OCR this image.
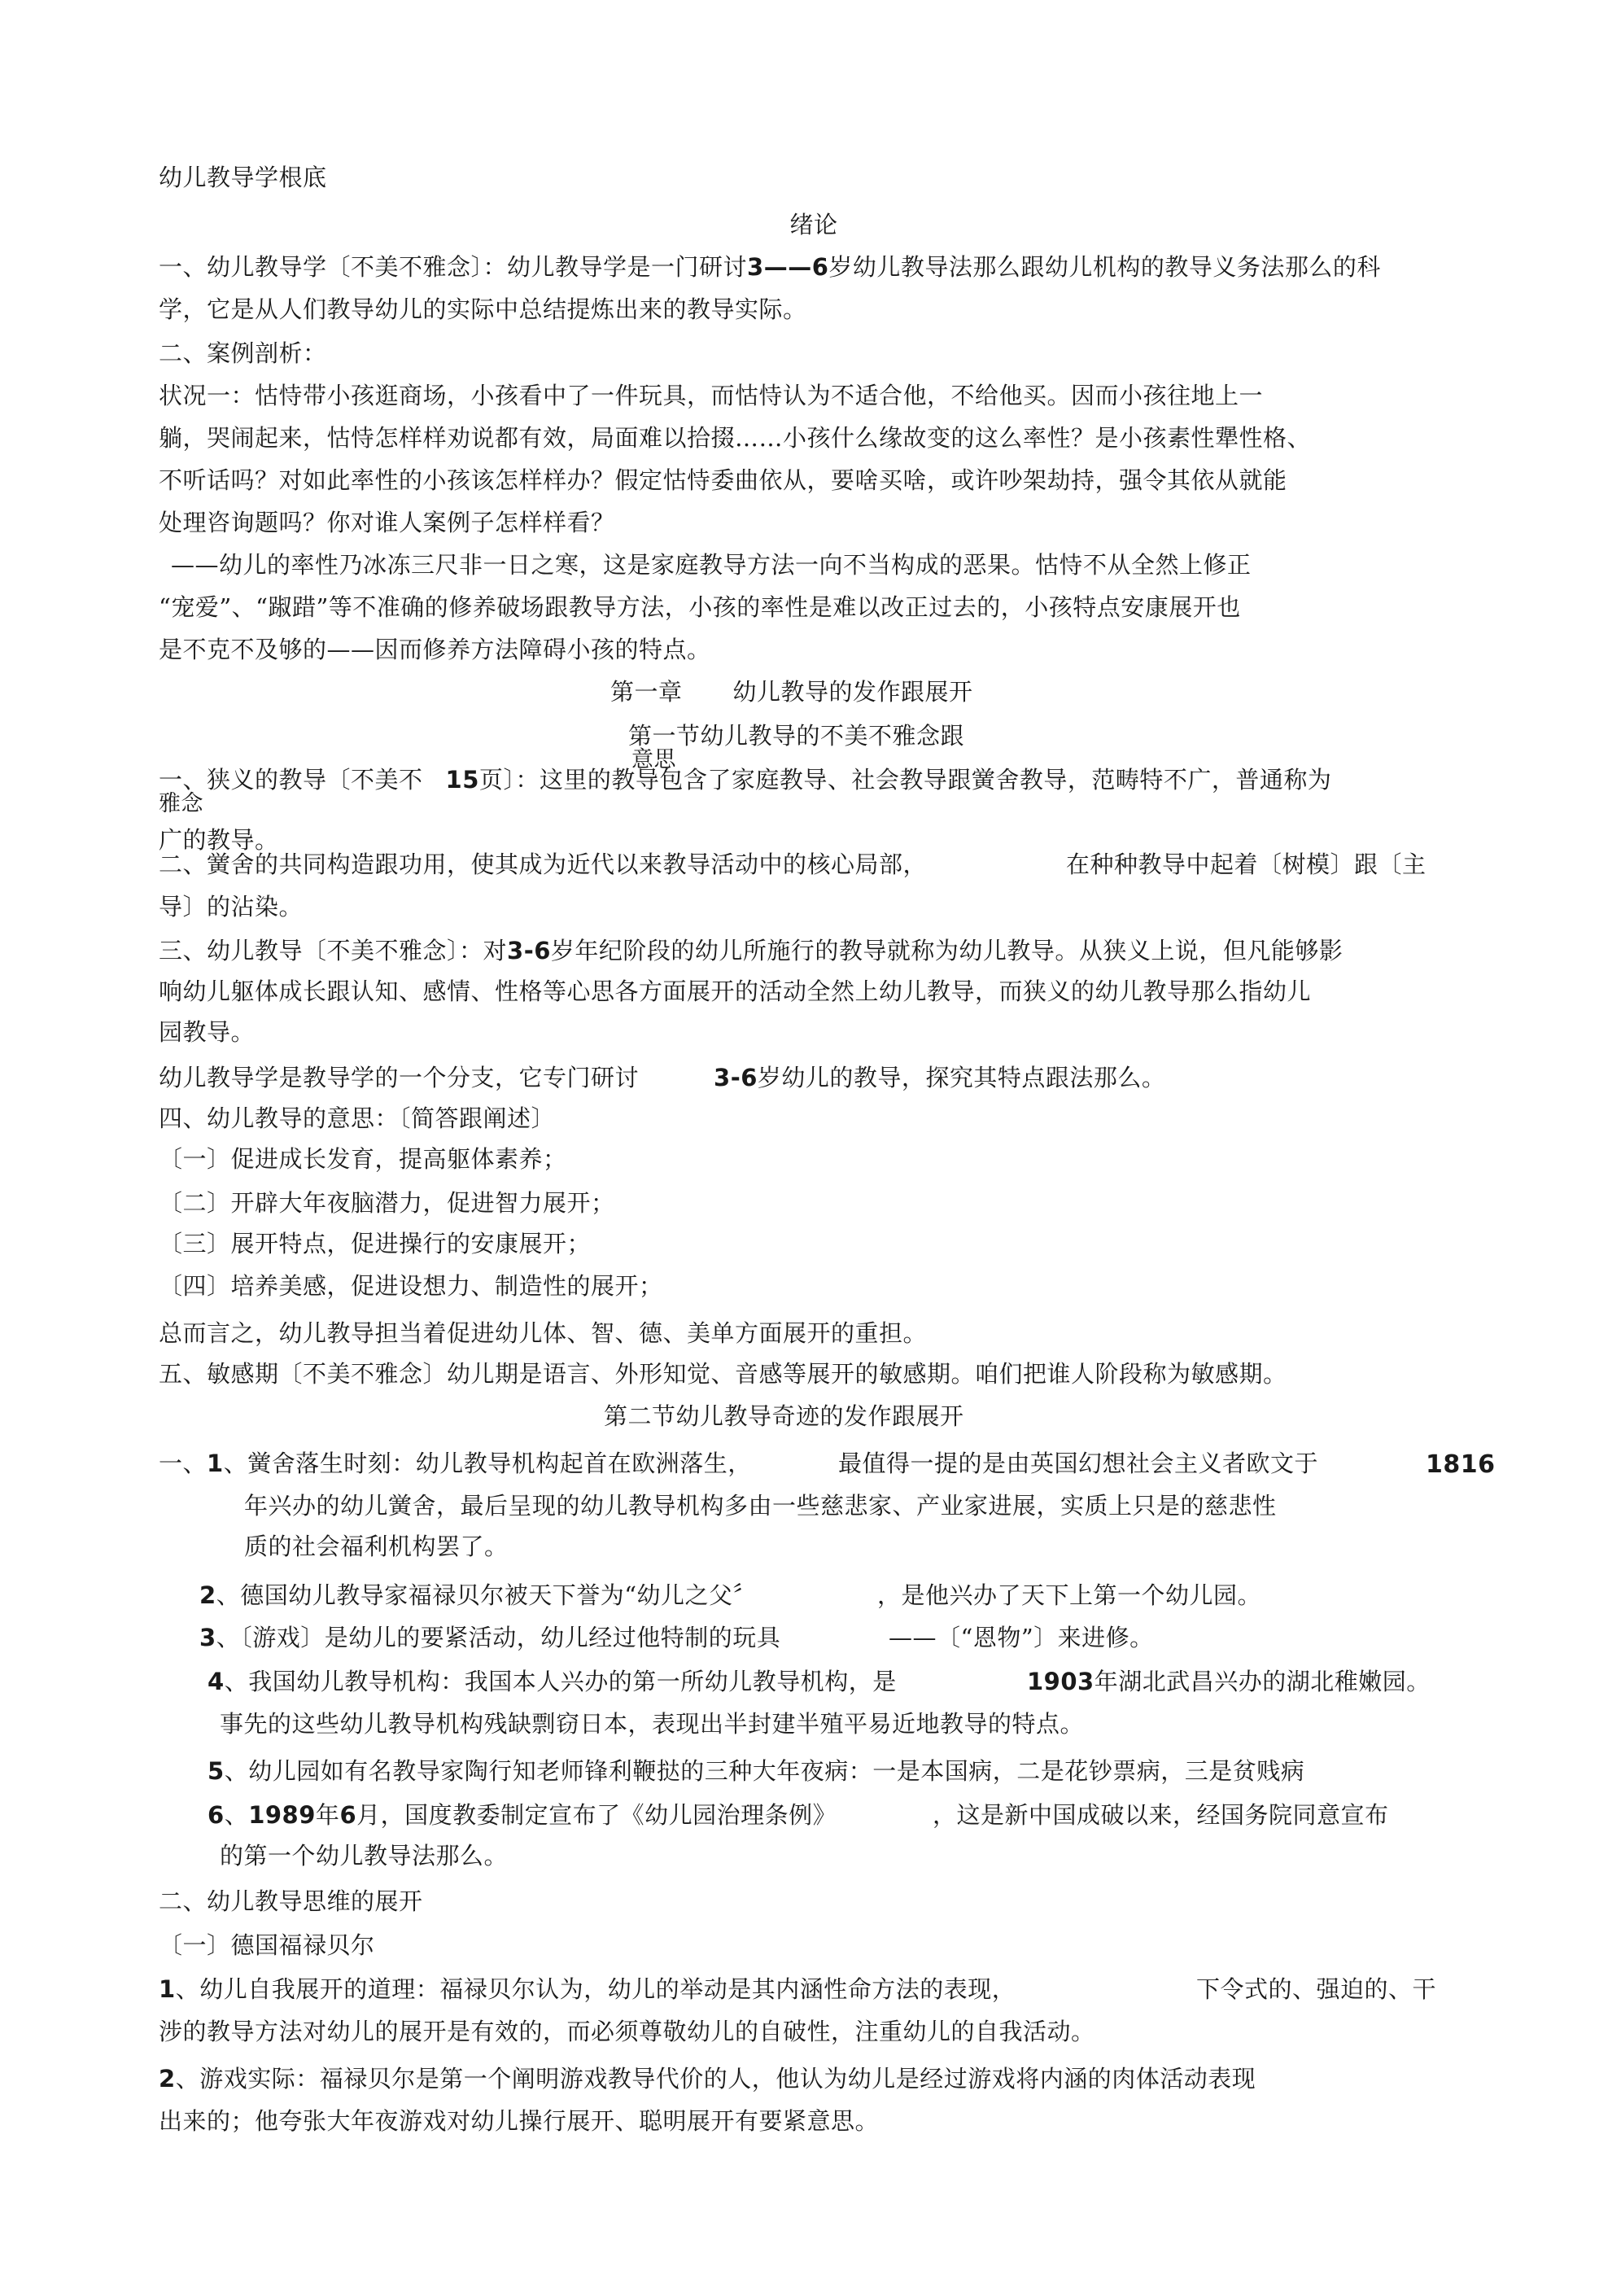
幼儿教导学根底
绪论
一、幼儿教导学〔不美不雅念〕：幼儿教导学是一门研讨3——6岁幼儿教导法那么跟幼儿机构的教导义务法那么的科
学，它是从人们教导幼儿的实际中总结提炼出来的教导实际。
二、案例剖析：
状况一：怙恃带小孩逛商场，小孩看中了一件玩具，而怙恃认为不适合他，不给他买。因而小孩往地上一
躺，哭闹起来，怙恃怎样样劝说都有效，局面难以拾掇……小孩什么缘故变的这么率性？是小孩素性犟性格、
不听话吗？对如此率性的小孩该怎样样办？假定怙恃委曲依从，要啥买啥，或许吵架劫持，强令其依从就能
处理咨询题吗？你对谁人案例子怎样样看？
——幼儿的率性乃冰冻三尺非一日之寒，这是家庭教导方法一向不当构成的恶果。怙恃不从全然上修正
“宠爱”、“踧踖”等不准确的修养破场跟教导方法，小孩的率性是难以改正过去的，小孩特点安康展开也
是不克不及够的——因而修养方法障碍小孩的特点。
第一章 幼儿教导的发作跟展开
第一节幼儿教导的不美不雅念跟
意思
一、狭义的教导〔不美不 15页〕：这里的教导包含了家庭教导、社会教导跟黉舍教导，范畴特不广，普通称为
雅念
广的教导。
二、黉舍的共同构造跟功用，使其成为近代以来教导活动中的核心局部，	在种种教导中起着〔树模〕跟〔主
导〕的沾染。
三、幼儿教导〔不美不雅念〕：对3-6岁年纪阶段的幼儿所施行的教导就称为幼儿教导。从狭义上说，但凡能够影
响幼儿躯体成长跟认知、感情、性格等心思各方面展开的活动全然上幼儿教导，而狭义的幼儿教导那么指幼儿
园教导。
幼儿教导学是教导学的一个分支，它专门研讨	3-6岁幼儿的教导，探究其特点跟法那么。
四、幼儿教导的意思：〔简答跟阐述〕
〔一〕促进成长发育，提高躯体素养；
〔二〕开辟大年夜脑潜力，促进智力展开；
〔三〕展开特点，促进操行的安康展开；
〔四〕培养美感，促进设想力、制造性的展开；
总而言之，幼儿教导担当着促进幼儿体、智、德、美单方面展开的重担。
五、敏感期〔不美不雅念〕幼儿期是语言、外形知觉、音感等展开的敏感期。咱们把谁人阶段称为敏感期。
第二节幼儿教导奇迹的发作跟展开
一、1、黉舍落生时刻：幼儿教导机构起首在欧洲落生，	最值得一提的是由英国幻想社会主义者欧文于	1816
年兴办的幼儿黉舍，最后呈现的幼儿教导机构多由一些慈悲家、产业家进展，实质上只是的慈悲性
质的社会福利机构罢了。
2、德国幼儿教导家福禄贝尔被天下誉为“幼儿之父〞	，是他兴办了天下上第一个幼儿园。
3、〔游戏〕是幼儿的要紧活动，幼儿经过他特制的玩具	——〔“恩物”〕来进修。
4、我国幼儿教导机构：我国本人兴办的第一所幼儿教导机构，是	1903年湖北武昌兴办的湖北稚嫩园。
事先的这些幼儿教导机构残缺剽窃日本，表现出半封建半殖平易近地教导的特点。
5、幼儿园如有名教导家陶行知老师锋利鞭挞的三种大年夜病：一是本国病，二是花钞票病，三是贫贱病
6、1989年6月，国度教委制定宣布了《幼儿园治理条例》	，这是新中国成破以来，经国务院同意宣布
的第一个幼儿教导法那么。
二、幼儿教导思维的展开
〔一〕德国福禄贝尔
1、幼儿自我展开的道理：福禄贝尔认为，幼儿的举动是其内涵性命方法的表现，	下令式的、强迫的、干
涉的教导方法对幼儿的展开是有效的，而必须尊敬幼儿的自破性，注重幼儿的自我活动。
2、游戏实际：福禄贝尔是第一个阐明游戏教导代价的人，他认为幼儿是经过游戏将内涵的肉体活动表现
出来的；他夸张大年夜游戏对幼儿操行展开、聪明展开有要紧意思。
